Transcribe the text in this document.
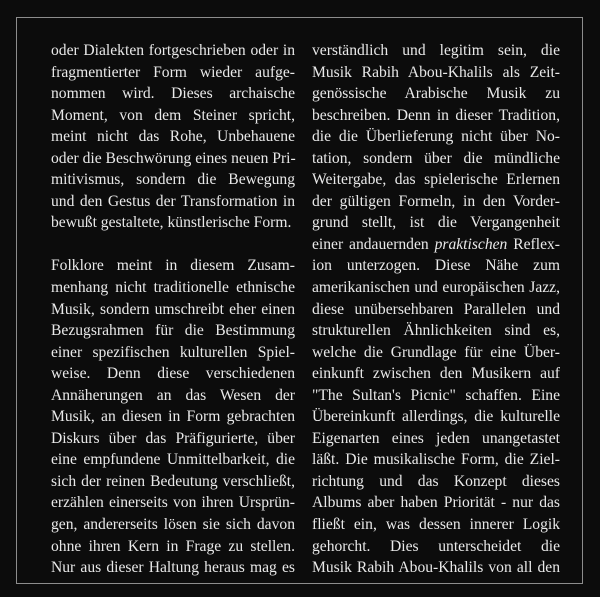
oder Dialekten fortgeschrieben oder in
fragmentierter Form wieder aufge-
nommen wird. Dieses archaische
Moment, von dem Steiner spricht,
meint nicht das Rohe, Unbehauene
oder die Beschwörung eines neuen Pri-
mitivismus, sondern die Bewegung
und den Gestus der Transformation in
bewußt gestaltete, künstlerische Form.
Folklore meint in diesem Zusam-
menhang nicht traditionelle ethnische
Musik, sondern umschreibt eher einen
Bezugsrahmen für die Bestimmung
einer spezifischen kulturellen Spiel-
weise. Denn diese verschiedenen
Annäherungen an das Wesen der
Musik, an diesen in Form gebrachten
Diskurs über das Präfigurierte, über
eine empfundene Unmittelbarkeit, die
sich der reinen Bedeutung verschließt,
erzählen einerseits von ihren Ursprün-
gen, andererseits lösen sie sich davon
ohne ihren Kern in Frage zu stellen.
Nur aus dieser Haltung heraus mag es
verständlich und legitim sein, die
Musik Rabih Abou-Khalils als Zeit-
genössische Arabische Musik zu
beschreiben. Denn in dieser Tradition,
die die Überlieferung nicht über No-
tation, sondern über die mündliche
Weitergabe, das spielerische Erlernen
der gültigen Formeln, in den Vorder-
grund stellt, ist die Vergangenheit
einer andauernden praktischen Reflex-
ion unterzogen. Diese Nähe zum
amerikanischen und europäischen Jazz,
diese unübersehbaren Parallelen und
strukturellen Ähnlichkeiten sind es,
welche die Grundlage für eine Über-
einkunft zwischen den Musikern auf
"The Sultan's Picnic" schaffen. Eine
Übereinkunft allerdings, die kulturelle
Eigenarten eines jeden unangetastet
läßt. Die musikalische Form, die Ziel-
richtung und das Konzept dieses
Albums aber haben Priorität - nur das
fließt ein, was dessen innerer Logik
gehorcht. Dies unterscheidet die
Musik Rabih Abou-Khalils von all den
